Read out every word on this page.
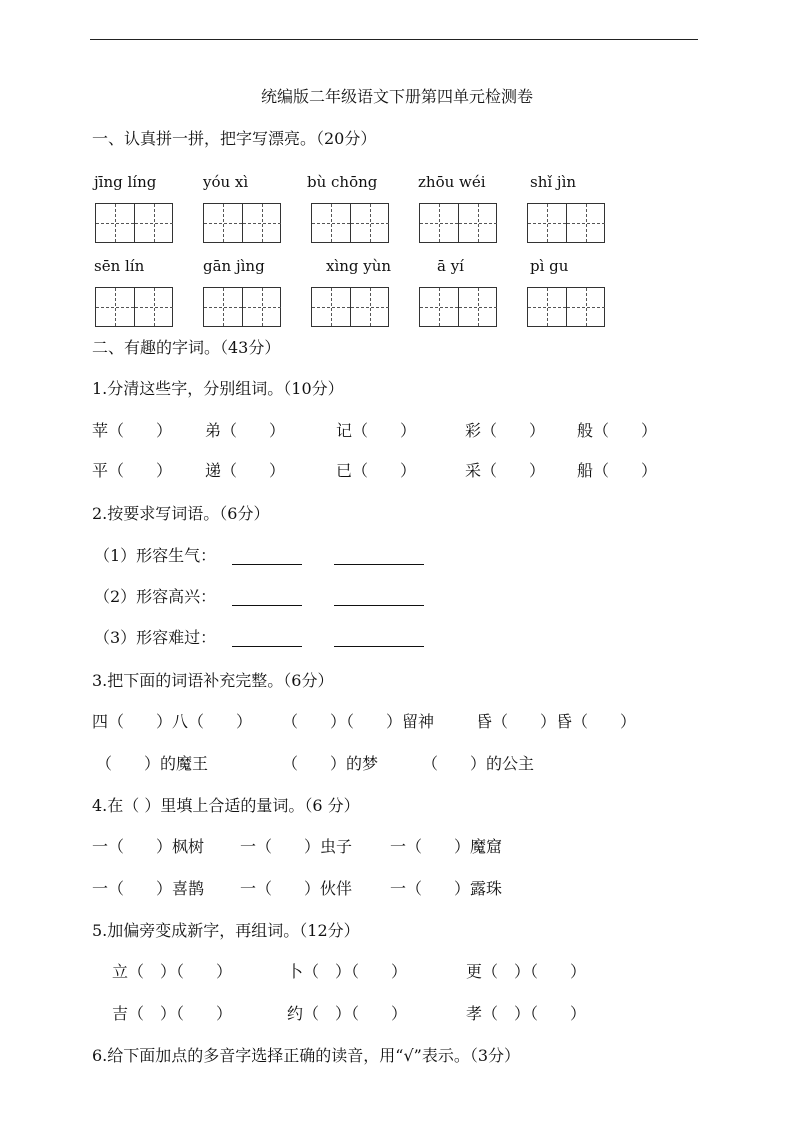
统编版二年级语文下册第四单元检测卷
一、认真拼一拼，把字写漂亮。（20分）
jīng líng	yóu xì	bù chōng	zhōu wéi	shǐ jìn
sēn lín	gān jìng	xìng yùn	ā yí	pì gu
二、有趣的字词。（43分）
1.分清这些字，分别组词。（10分）
苹（　　） 弟（　　）	记（　　）	彩（　　） 般（　　）
平（　　） 递（　　）	已（　　）	采（　　） 船（　　）
2.按要求写词语。（6分）
（1）形容生气：
（2）形容高兴：
（3）形容难过：
3.把下面的词语补充完整。（6分）
四（　　）八（　　） （　　）（　　）留神	昏（　　）昏（　　）
（　　）的魔王	（　　）的梦	（　　）的公主
4.在（ ）里填上合适的量词。（6 分）
一（　　）枫树 一（　　）虫子 一（　　）魔窟
一（　　）喜鹊 一（　　）伙伴 一（　　）露珠
5.加偏旁变成新字，再组词。（12分）
立（　）（　　）	卜（　）（　　）	更（　）（　　）
吉（　）（　　）	约（　）（　　）	孝（　）（　　）
6.给下面加点的多音字选择正确的读音，用“√”表示。（3分）
